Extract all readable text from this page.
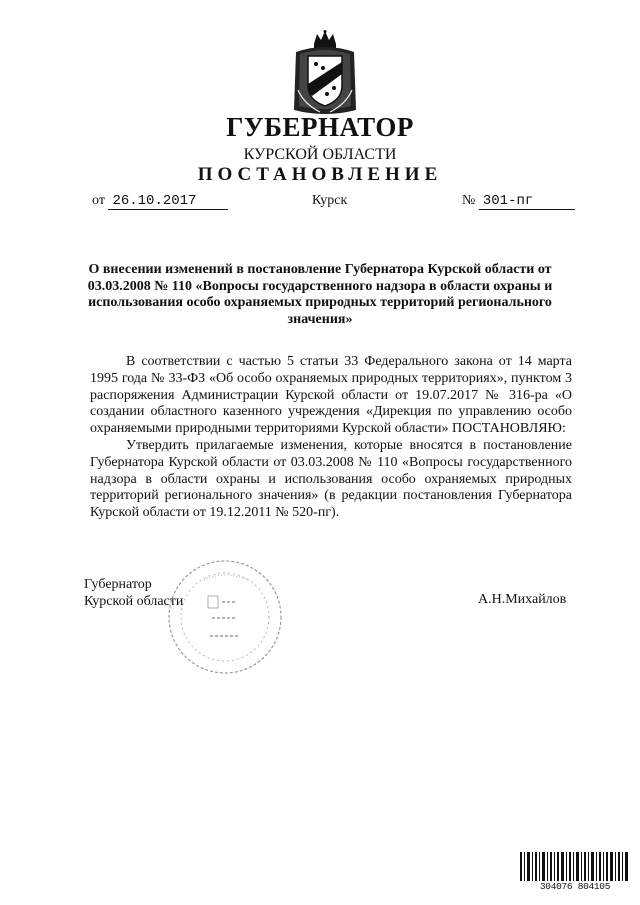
ГУБЕРНАТОР
КУРСКОЙ ОБЛАСТИ
ПОСТАНОВЛЕНИЕ
от 26.10.2017	Курск	№ 301-пг
О внесении изменений в постановление Губернатора Курской области от 03.03.2008 № 110 «Вопросы государственного надзора в области охраны и использования особо охраняемых природных территорий регионального значения»

В соответствии с частью 5 статьи 33 Федерального закона от 14 марта 1995 года № 33-ФЗ «Об особо охраняемых природных территориях», пунктом 3 распоряжения Администрации Курской области от 19.07.2017 № 316-ра «О создании областного казенного учреждения «Дирекция по управлению особо охраняемыми природными территориями Курской области» ПОСТАНОВЛЯЮ:

Утвердить прилагаемые изменения, которые вносятся в постановление Губернатора Курской области от 03.03.2008 № 110 «Вопросы государственного надзора в области охраны и использования особо охраняемых природных территорий регионального значения» (в редакции постановления Губернатора Курской области от 19.12.2011 № 520-пг).

Губернатор
Курской области	А.Н.Михайлов
304076 804105
